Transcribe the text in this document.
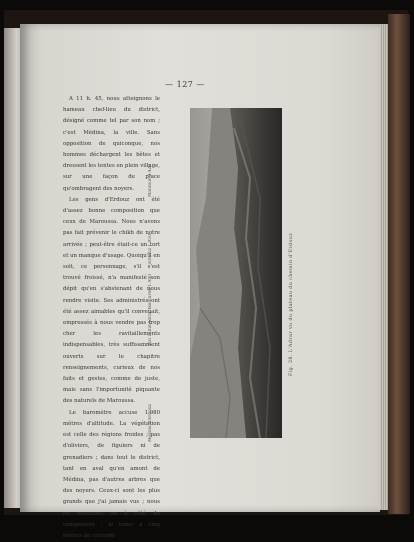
— 127 —

A 11 h. 45, nous atteignons le hameau chef-lieu du district, désigné comme tel par son nom ; c'est Médina, la ville. Sans opposition de quiconque, nos hommes déchargent les bêtes et dressent les tentes en plein village, sur une façon de place qu'ombragent des noyers.

Les gens d'Erdouz ont été d'assez bonne composition que ceux de Maroussa. Nous n'avons pas fait prévenir le chikh de notre arrivée ; peut-être était-ce un tort et un manque d'usage. Quoiqu'il en soit, ce personnage, s'il s'est trouvé froissé, n'a manifesté son dépit qu'en s'abstenant de nous rendre visite. Ses administrés ont été assez aimables qu'il convenait, empressés à nous vendre pas trop cher les ravitaillements indispensables, très suffisamment ouverts sur le chapitre renseignements, curieux de nos faits et gestes, comme de juste, mais sans l'importunité piquante des naturels de Maroussa.

Le baromètre accuse 1.980 mètres d'altitude. La végétation est celle des régions froides ; pas d'oliviers, de figuiers ni de grenadiers ; dans tout le district, tant en aval qu'en amont de Médina, pas d'autres arbres que des noyers. Ceux-ci sont les plus grands que j'ai jamais vus ; nous en mesurons un à côté du campement ; le tronc a cinq mètres de circonfé-

Médina d'Erdouz
Tizi Taïfat
Adrar Ikedfaren 1.980
Erdouz 1.950
Mahfour 2.420
Fig. 28. L'Adrar vu du plateau du chemin d'Erdouz
